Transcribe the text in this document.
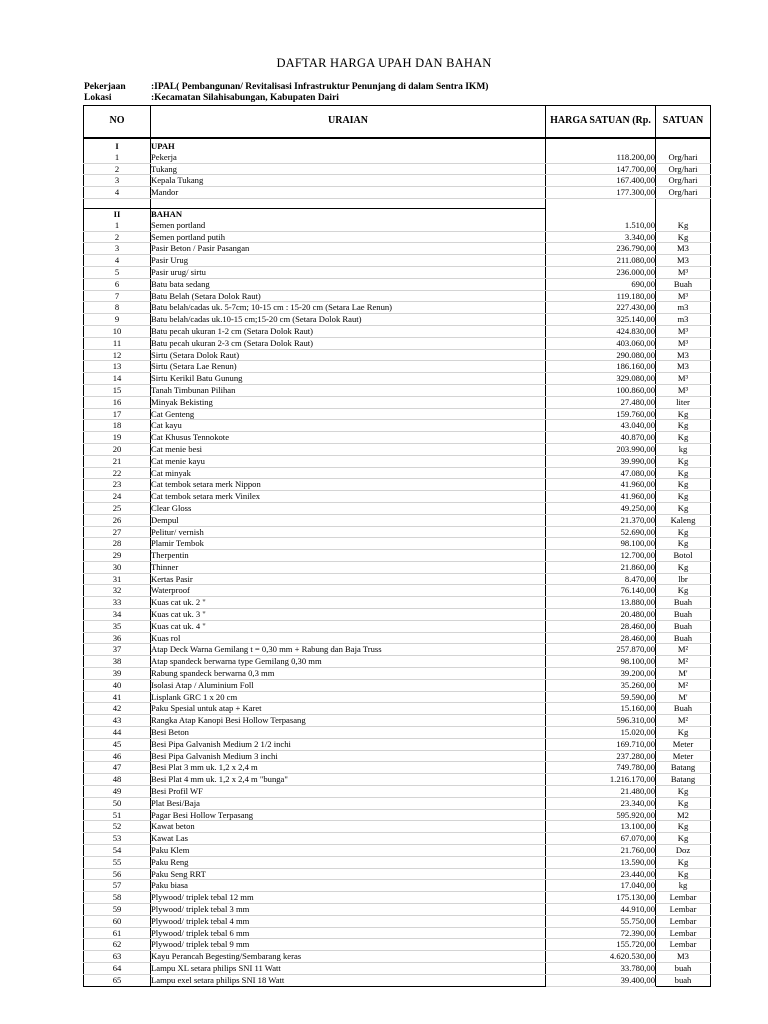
DAFTAR HARGA UPAH DAN BAHAN
Pekerjaan	:IPAL( Pembangunan/ Revitalisasi Infrastruktur Penunjang di dalam Sentra IKM)
Lokasi	:Kecamatan Silahisabungan, Kabupaten Dairi
NO	URAIAN	HARGA SATUAN (Rp.	SATUAN
I	UPAH		
1	Pekerja	118.200,00	Org/hari
2	Tukang	147.700,00	Org/hari
3	Kepala Tukang	167.400,00	Org/hari
4	Mandor	177.300,00	Org/hari

II	BAHAN		
1	Semen portland	1.510,00	Kg
2	Semen portland putih	3.340,00	Kg
3	Pasir Beton / Pasir Pasangan	236.790,00	M3
4	Pasir Urug	211.080,00	M3
5	Pasir urug/ sirtu	236.000,00	M³
6	Batu bata sedang	690,00	Buah
7	Batu Belah (Setara Dolok Raut)	119.180,00	M³
8	Batu belah/cadas uk. 5-7cm; 10-15 cm : 15-20 cm (Setara Lae Renun)	227.430,00	m3
9	Batu belah/cadas uk.10-15 cm;15-20 cm (Setara Dolok Raut)	325.140,00	m3
10	Batu pecah ukuran 1-2 cm (Setara Dolok Raut)	424.830,00	M³
11	Batu pecah ukuran 2-3 cm (Setara Dolok Raut)	403.060,00	M³
12	Sirtu (Setara Dolok Raut)	290.080,00	M3
13	Sirtu (Setara Lae Renun)	186.160,00	M3
14	Sirtu Kerikil Batu Gunung	329.080,00	M³
15	Tanah Timbunan Pilihan	100.860,00	M³
16	Minyak Bekisting	27.480,00	liter
17	Cat Genteng	159.760,00	Kg
18	Cat kayu	43.040,00	Kg
19	Cat Khusus Tennokote	40.870,00	Kg
20	Cat menie besi	203.990,00	kg
21	Cat menie kayu	39.990,00	Kg
22	Cat minyak	47.080,00	Kg
23	Cat tembok setara merk Nippon	41.960,00	Kg
24	Cat tembok setara merk Vinilex	41.960,00	Kg
25	Clear Gloss	49.250,00	Kg
26	Dempul	21.370,00	Kaleng
27	Pelitur/ vernish	52.690,00	Kg
28	Plamir Tembok	98.100,00	Kg
29	Therpentin	12.700,00	Botol
30	Thinner	21.860,00	Kg
31	Kertas Pasir	8.470,00	lbr
32	Waterproof	76.140,00	Kg
33	Kuas cat uk. 2 "	13.880,00	Buah
34	Kuas cat uk. 3 "	20.480,00	Buah
35	Kuas cat uk. 4 "	28.460,00	Buah
36	Kuas rol	28.460,00	Buah
37	Atap Deck Warna Gemilang t = 0,30 mm + Rabung dan Baja Truss	257.870,00	M²
38	Atap spandeck berwarna type Gemilang 0,30 mm	98.100,00	M²
39	Rabung spandeck berwarna 0,3 mm	39.200,00	M'
40	Isolasi Atap / Aluminium Foll	35.260,00	M²
41	Lisplank GRC 1 x 20 cm	59.590,00	M'
42	Paku Spesial untuk atap + Karet	15.160,00	Buah
43	Rangka Atap Kanopi Besi Hollow Terpasang	596.310,00	M²
44	Besi Beton	15.020,00	Kg
45	Besi Pipa Galvanish Medium 2 1/2 inchi	169.710,00	Meter
46	Besi Pipa Galvanish Medium 3 inchi	237.280,00	Meter
47	Besi Plat 3 mm uk. 1,2 x 2,4 m	749.780,00	Batang
48	Besi Plat 4 mm uk. 1,2 x 2,4 m "bunga"	1.216.170,00	Batang
49	Besi Profil WF	21.480,00	Kg
50	Plat Besi/Baja	23.340,00	Kg
51	Pagar Besi Hollow Terpasang	595.920,00	M2
52	Kawat beton	13.100,00	Kg
53	Kawat Las	67.070,00	Kg
54	Paku Klem	21.760,00	Doz
55	Paku Reng	13.590,00	Kg
56	Paku Seng RRT	23.440,00	Kg
57	Paku biasa	17.040,00	kg
58	Plywood/ triplek tebal 12 mm	175.130,00	Lembar
59	Plywood/ triplek tebal 3 mm	44.910,00	Lembar
60	Plywood/ triplek tebal 4 mm	55.750,00	Lembar
61	Plywood/ triplek tebal 6 mm	72.390,00	Lembar
62	Plywood/ triplek tebal 9 mm	155.720,00	Lembar
63	Kayu Perancah Begesting/Sembarang keras	4.620.530,00	M3
64	Lampu XL setara philips SNI 11 Watt	33.780,00	buah
65	Lampu exel setara philips SNI 18 Watt	39.400,00	buah
